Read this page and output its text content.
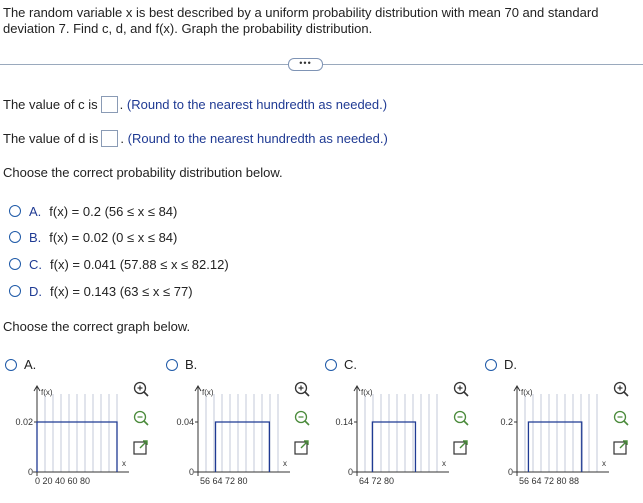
The random variable x is best described by a uniform probability distribution with mean 70 and standard deviation 7. Find c, d, and f(x). Graph the probability distribution.
•••
The value of c is . (Round to the nearest hundredth as needed.)
The value of d is . (Round to the nearest hundredth as needed.)
Choose the correct probability distribution below.
A. f(x) = 0.2 (56 ≤ x ≤ 84)
B. f(x) = 0.02 (0 ≤ x ≤ 84)
C. f(x) = 0.041 (57.88 ≤ x ≤ 82.12)
D. f(x) = 0.143 (63 ≤ x ≤ 77)
Choose the correct graph below.
A.
0.02
0
f(x)
x
0 20 40 60 80
B.
0.04
0
f(x)
x
56 64 72 80
C.
0.14
0
f(x)
x
64 72 80
D.
0.2
0
f(x)
x
56 64 72 80 88
